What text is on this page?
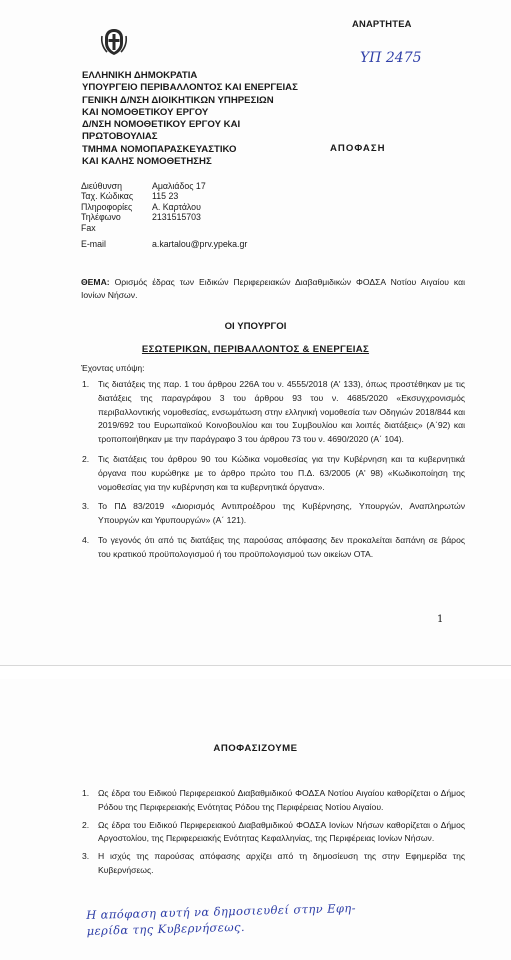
ΑΝΑΡΤΗΤΕΑ
ΥΠ 2475
ΕΛΛΗΝΙΚΗ ΔΗΜΟΚΡΑΤΙΑ
ΥΠΟΥΡΓΕΙΟ ΠΕΡΙΒΑΛΛΟΝΤΟΣ ΚΑΙ ΕΝΕΡΓΕΙΑΣ
ΓΕΝΙΚΗ Δ/ΝΣΗ ΔΙΟΙΚΗΤΙΚΩΝ ΥΠΗΡΕΣΙΩΝ
ΚΑΙ ΝΟΜΟΘΕΤΙΚΟΥ ΕΡΓΟΥ
Δ/ΝΣΗ ΝΟΜΟΘΕΤΙΚΟΥ ΕΡΓΟΥ ΚΑΙ
ΠΡΩΤΟΒΟΥΛΙΑΣ
ΤΜΗΜΑ ΝΟΜΟΠΑΡΑΣΚΕΥΑΣΤΙΚΟ
ΚΑΙ ΚΑΛΗΣ ΝΟΜΟΘΕΤΗΣΗΣ
ΑΠΟΦΑΣΗ
Διεύθυνση	Αμαλιάδος 17
Ταχ. Κώδικας	115 23
Πληροφορίες	Α. Καρτάλου
Τηλέφωνο	2131515703
Fax	
E-mail	a.kartalou@prv.ypeka.gr
ΘΕΜΑ: Ορισμός έδρας των Ειδικών Περιφερειακών Διαβαθμιδικών ΦΟΔΣΑ Νοτίου Αιγαίου και Ιονίων Νήσων.
ΟΙ ΥΠΟΥΡΓΟΙ
ΕΣΩΤΕΡΙΚΩΝ, ΠΕΡΙΒΑΛΛΟΝΤΟΣ & ΕΝΕΡΓΕΙΑΣ
Έχοντας υπόψη:
1. Τις διατάξεις της παρ. 1 του άρθρου 226Α του ν. 4555/2018 (Α' 133), όπως προστέθηκαν με τις διατάξεις της παραγράφου 3 του άρθρου 93 του ν. 4685/2020 «Εκσυγχρονισμός περιβαλλοντικής νομοθεσίας, ενσωμάτωση στην ελληνική νομοθεσία των Οδηγιών 2018/844 και 2019/692 του Ευρωπαϊκού Κοινοβουλίου και του Συμβουλίου και λοιπές διατάξεις» (Α΄92) και τροποποιήθηκαν με την παράγραφο 3 του άρθρου 73 του ν. 4690/2020 (Α΄ 104).
2. Τις διατάξεις του άρθρου 90 του Κώδικα νομοθεσίας για την Κυβέρνηση και τα κυβερνητικά όργανα που κυρώθηκε με το άρθρο πρώτο του Π.Δ. 63/2005 (Α' 98) «Κωδικοποίηση της νομοθεσίας για την κυβέρνηση και τα κυβερνητικά όργανα».
3. Το ΠΔ 83/2019 «Διορισμός Αντιπροέδρου της Κυβέρνησης, Υπουργών, Αναπληρωτών Υπουργών και Υφυπουργών» (Α΄ 121).
4. Το γεγονός ότι από τις διατάξεις της παρούσας απόφασης δεν προκαλείται δαπάνη σε βάρος του κρατικού προϋπολογισμού ή του προϋπολογισμού των οικείων ΟΤΑ.
1
ΑΠΟΦΑΣΙΖΟΥΜΕ
1. Ως έδρα του Ειδικού Περιφερειακού Διαβαθμιδικού ΦΟΔΣΑ Νοτίου Αιγαίου καθορίζεται ο Δήμος Ρόδου της Περιφερειακής Ενότητας Ρόδου της Περιφέρειας Νοτίου Αιγαίου.
2. Ως έδρα του Ειδικού Περιφερειακού Διαβαθμιδικού ΦΟΔΣΑ Ιονίων Νήσων καθορίζεται ο Δήμος Αργοστολίου, της Περιφερειακής Ενότητας Κεφαλληνίας, της Περιφέρειας Ιονίων Νήσων.
3. Η ισχύς της παρούσας απόφασης αρχίζει από τη δημοσίευση της στην Εφημερίδα της Κυβερνήσεως.
Η απόφαση αυτή να δημοσιευθεί στην Εφη-
μερίδα της Κυβερνήσεως.
